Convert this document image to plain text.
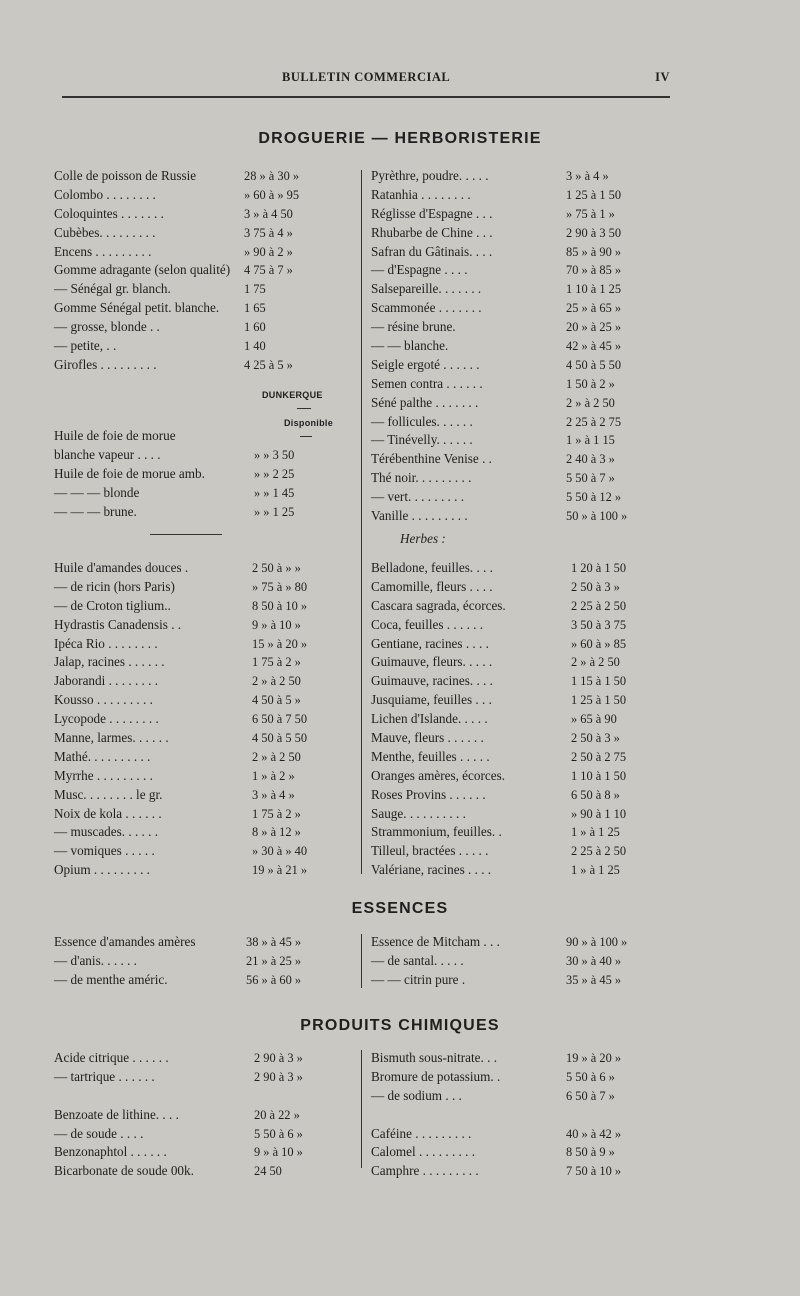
BULLETIN COMMERCIAL	IV
DROGUERIE — HERBORISTERIE
Colle de poisson de Russie	28 » à 30 »
Colombo . . . . . . . .	» 60 à » 95
Coloquintes . . . . . . .	3 » à 4 50
Cubèbes. . . . . . . . .	3 75 à 4 »
Encens . . . . . . . . .	» 90 à 2 »
Gomme adragante (selon qualité) 4 75 à 7 »
— Sénégal gr. blanch.	1 75
Gomme Sénégal petit. blanche. 1 65
— grosse, blonde . .	1 60
— petite, . .	1 40
Girofles . . . . . . . . .	4 25 à 5 »
DUNKERQUE
Disponible
Huile de foie de morue
blanche vapeur . . . .	» » 3 50
Huile de foie de morue amb.	» » 2 25
— — — blonde	» » 1 45
— — — brune.	» » 1 25
Huile d'amandes douces .	2 50 à » »
— de ricin (hors Paris)	» 75 à » 80
— de Croton tiglium..	8 50 à 10 »
Hydrastis Canadensis . .	9 » à 10 »
Ipéca Rio . . . . . . . .	15 » à 20 »
Jalap, racines . . . . . .	1 75 à 2 »
Jaborandi . . . . . . . .	2 » à 2 50
Kousso . . . . . . . . .	4 50 à 5 »
Lycopode . . . . . . . .	6 50 à 7 50
Manne, larmes. . . . . .	4 50 à 5 50
Mathé. . . . . . . . . .	2 » à 2 50
Myrrhe . . . . . . . . .	1 » à 2 »
Musc. . . . . . . . le gr.	3 » à 4 »
Noix de kola . . . . . .	1 75 à 2 »
— muscades. . . . . .	8 » à 12 »
— vomiques . . . . .	» 30 à » 40
Opium . . . . . . . . .	19 » à 21 »
Pyrèthre, poudre. . . . .	3 » à 4 »
Ratanhia . . . . . . . .	1 25 à 1 50
Réglisse d'Espagne . . .	» 75 à 1 »
Rhubarbe de Chine . . .	2 90 à 3 50
Safran du Gâtinais. . . .	85 » à 90 »
— d'Espagne . . . .	70 » à 85 »
Salsepareille. . . . . . .	1 10 à 1 25
Scammonée . . . . . . .	25 » à 65 »
— résine brune.	20 » à 25 »
— — blanche.	42 » à 45 »
Seigle ergoté . . . . . .	4 50 à 5 50
Semen contra . . . . . .	1 50 à 2 »
Séné palthe . . . . . . .	2 » à 2 50
— follicules. . . . . .	2 25 à 2 75
— Tinévelly. . . . . .	1 » à 1 15
Térébenthine Venise . .	2 40 à 3 »
Thé noir. . . . . . . . .	5 50 à 7 »
— vert. . . . . . . . .	5 50 à 12 »
Vanille . . . . . . . . .	50 » à 100 »
Herbes :
Belladone, feuilles. . . .	1 20 à 1 50
Camomille, fleurs . . . .	2 50 à 3 »
Cascara sagrada, écorces.	2 25 à 2 50
Coca, feuilles . . . . . .	3 50 à 3 75
Gentiane, racines . . . .	» 60 à » 85
Guimauve, fleurs. . . . .	2 » à 2 50
Guimauve, racines. . . .	1 15 à 1 50
Jusquiame, feuilles . . .	1 25 à 1 50
Lichen d'Islande. . . . .	» 65 à 90
Mauve, fleurs . . . . . .	2 50 à 3 »
Menthe, feuilles . . . . .	2 50 à 2 75
Oranges amères, écorces.	1 10 à 1 50
Roses Provins . . . . . .	6 50 à 8 »
Sauge. . . . . . . . . .	» 90 à 1 10
Strammonium, feuilles. .	1 » à 1 25
Tilleul, bractées . . . . .	2 25 à 2 50
Valériane, racines . . . .	1 » à 1 25
ESSENCES
Essence d'amandes amères	38 » à 45 »
— d'anis. . . . . .	21 » à 25 »
— de menthe améric.	56 » à 60 »
Essence de Mitcham . . .	90 » à 100 »
— de santal. . . . .	30 » à 40 »
— — citrin pure .	35 » à 45 »
PRODUITS CHIMIQUES
Acide citrique . . . . . .	2 90 à 3 »
— tartrique . . . . . .	2 90 à 3 »
Benzoate de lithine. . . .	20 à 22 »
— de soude . . . .	5 50 à 6 »
Benzonaphtol . . . . . .	9 » à 10 »
Bicarbonate de soude 00k.	24 50
Bismuth sous-nitrate. . .	19 » à 20 »
Bromure de potassium. .	5 50 à 6 »
— de sodium . . .	6 50 à 7 »
Caféine . . . . . . . . .	40 » à 42 »
Calomel . . . . . . . . .	8 50 à 9 »
Camphre . . . . . . . . .	7 50 à 10 »
